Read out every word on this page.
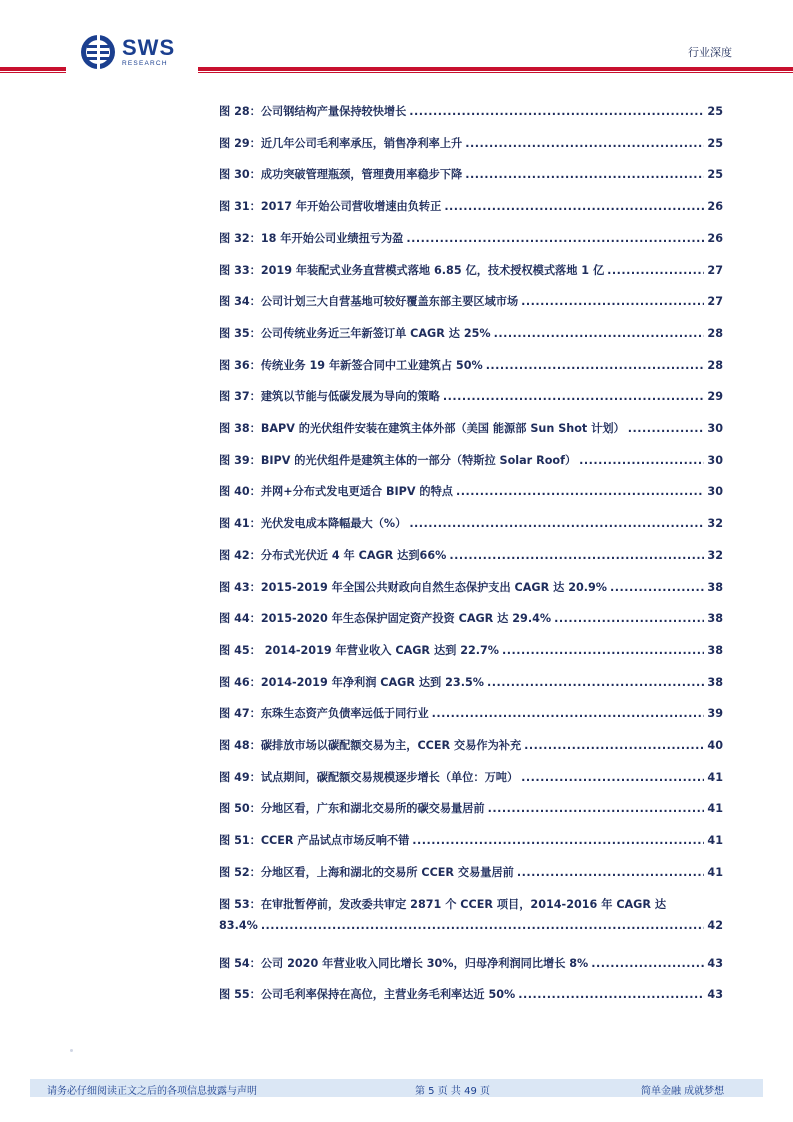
SWS
RESEARCH
行业深度
图 28：公司钢结构产量保持较快增长 .....	25
图 29：近几年公司毛利率承压，销售净利率上升 .....	25
图 30：成功突破管理瓶颈，管理费用率稳步下降 .....	25
图 31：2017 年开始公司营收增速由负转正 .....	26
图 32：18 年开始公司业绩扭亏为盈 .....	26
图 33：2019 年装配式业务直营模式落地 6.85 亿，技术授权模式落地 1 亿 .....	27
图 34：公司计划三大自营基地可较好覆盖东部主要区域市场 .....	27
图 35：公司传统业务近三年新签订单 CAGR 达 25% .....	28
图 36：传统业务 19 年新签合同中工业建筑占 50% .....	28
图 37：建筑以节能与低碳发展为导向的策略 .....	29
图 38：BAPV 的光伏组件安装在建筑主体外部（美国 能源部 Sun Shot 计划） .....	30
图 39：BIPV 的光伏组件是建筑主体的一部分（特斯拉 Solar Roof） .....	30
图 40：并网+分布式发电更适合 BIPV 的特点 .....	30
图 41：光伏发电成本降幅最大（%） .....	32
图 42：分布式光伏近 4 年 CAGR 达到66% .....	32
图 43：2015-2019 年全国公共财政向自然生态保护支出 CAGR 达 20.9% .....	38
图 44：2015-2020 年生态保护固定资产投资 CAGR 达 29.4% .....	38
图 45： 2014-2019 年营业收入 CAGR 达到 22.7% .....	38
图 46：2014-2019 年净利润 CAGR 达到 23.5% .....	38
图 47：东珠生态资产负债率远低于同行业 .....	39
图 48：碳排放市场以碳配额交易为主，CCER 交易作为补充 .....	40
图 49：试点期间，碳配额交易规模逐步增长（单位：万吨） .....	41
图 50：分地区看，广东和湖北交易所的碳交易量居前 .....	41
图 51：CCER 产品试点市场反响不错 .....	41
图 52：分地区看，上海和湖北的交易所 CCER 交易量居前 .....	41
图 53：在审批暂停前，发改委共审定 2871 个 CCER 项目，2014-2016 年 CAGR 达
83.4% .....	42
图 54：公司 2020 年营业收入同比增长 30%，归母净利润同比增长 8% .....	43
图 55：公司毛利率保持在高位，主营业务毛利率达近 50% .....	43
请务必仔细阅读正文之后的各项信息披露与声明	第 5 页 共 49 页	简单金融 成就梦想
